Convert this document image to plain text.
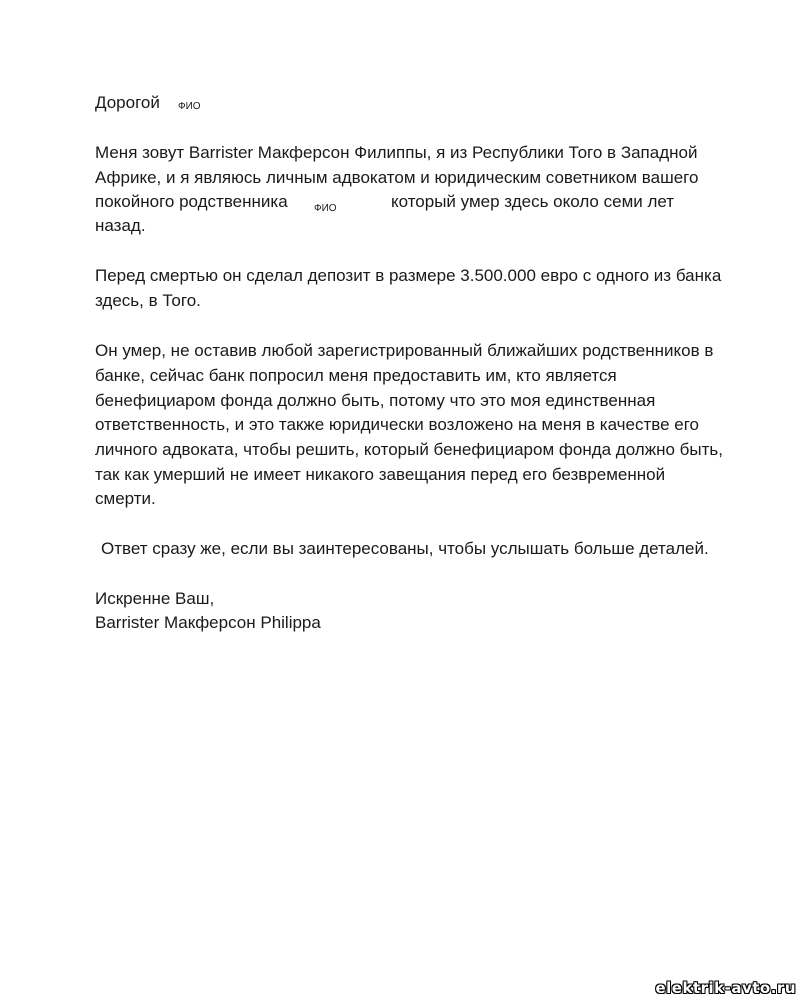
Дорогой ФИО
Меня зовут Barrister Макферсон Филиппы, я из Республики Того в Западной
Африке, и я являюсь личным адвокатом и юридическим советником вашего
покойного родственника	ФИО	который умер здесь около семи лет
назад.
Перед смертью он сделал депозит в размере 3.500.000 евро с одного из банка
здесь, в Того.
Он умер, не оставив любой зарегистрированный ближайших родственников в
банке, сейчас банк попросил меня предоставить им, кто является
бенефициаром фонда должно быть, потому что это моя единственная
ответственность, и это также юридически возложено на меня в качестве его
личного адвоката, чтобы решить, который бенефициаром фонда должно быть,
так как умерший не имеет никакого завещания перед его безвременной
смерти.
Ответ сразу же, если вы заинтересованы, чтобы услышать больше деталей.
Искренне Ваш,
Barrister Макферсон Philippa
elektrik-avto.ru
